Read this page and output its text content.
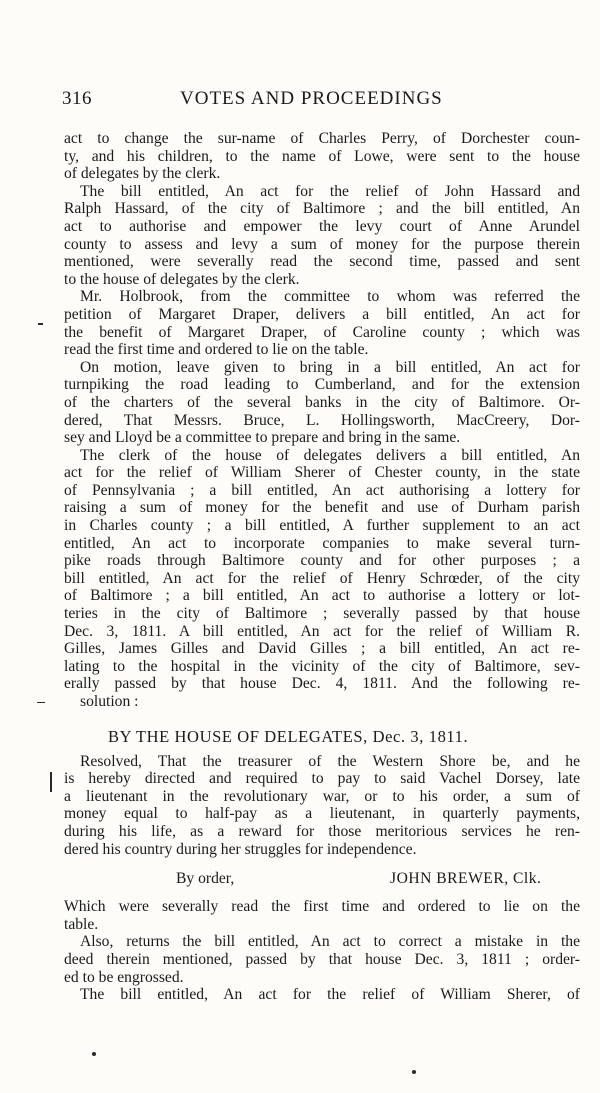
316	VOTES AND PROCEEDINGS
act to change the sur-name of Charles Perry, of Dorchester coun-
ty, and his children, to the name of Lowe, were sent to the house
of delegates by the clerk.
The bill entitled, An act for the relief of John Hassard and
Ralph Hassard, of the city of Baltimore ; and the bill entitled, An
act to authorise and empower the levy court of Anne Arundel
county to assess and levy a sum of money for the purpose therein
mentioned, were severally read the second time, passed and sent
to the house of delegates by the clerk.
Mr. Holbrook, from the committee to whom was referred the
petition of Margaret Draper, delivers a bill entitled, An act for
the benefit of Margaret Draper, of Caroline county ; which was
read the first time and ordered to lie on the table.
On motion, leave given to bring in a bill entitled, An act for
turnpiking the road leading to Cumberland, and for the extension
of the charters of the several banks in the city of Baltimore. Or-
dered, That Messrs. Bruce, L. Hollingsworth, MacCreery, Dor-
sey and Lloyd be a committee to prepare and bring in the same.
The clerk of the house of delegates delivers a bill entitled, An
act for the relief of William Sherer of Chester county, in the state
of Pennsylvania ; a bill entitled, An act authorising a lottery for
raising a sum of money for the benefit and use of Durham parish
in Charles county ; a bill entitled, A further supplement to an act
entitled, An act to incorporate companies to make several turn-
pike roads through Baltimore county and for other purposes ; a
bill entitled, An act for the relief of Henry Schrœder, of the city
of Baltimore ; a bill entitled, An act to authorise a lottery or lot-
teries in the city of Baltimore ; severally passed by that house
Dec. 3, 1811. A bill entitled, An act for the relief of William R.
Gilles, James Gilles and David Gilles ; a bill entitled, An act re-
lating to the hospital in the vicinity of the city of Baltimore, sev-
erally passed by that house Dec. 4, 1811. And the following re-
solution :
BY THE HOUSE OF DELEGATES, Dec. 3, 1811.
Resolved, That the treasurer of the Western Shore be, and he
is hereby directed and required to pay to said Vachel Dorsey, late
a lieutenant in the revolutionary war, or to his order, a sum of
money equal to half-pay as a lieutenant, in quarterly payments,
during his life, as a reward for those meritorious services he ren-
dered his country during her struggles for independence.
By order,	JOHN BREWER, Clk.
Which were severally read the first time and ordered to lie on the
table.
Also, returns the bill entitled, An act to correct a mistake in the
deed therein mentioned, passed by that house Dec. 3, 1811 ; order-
ed to be engrossed.
The bill entitled, An act for the relief of William Sherer, of
